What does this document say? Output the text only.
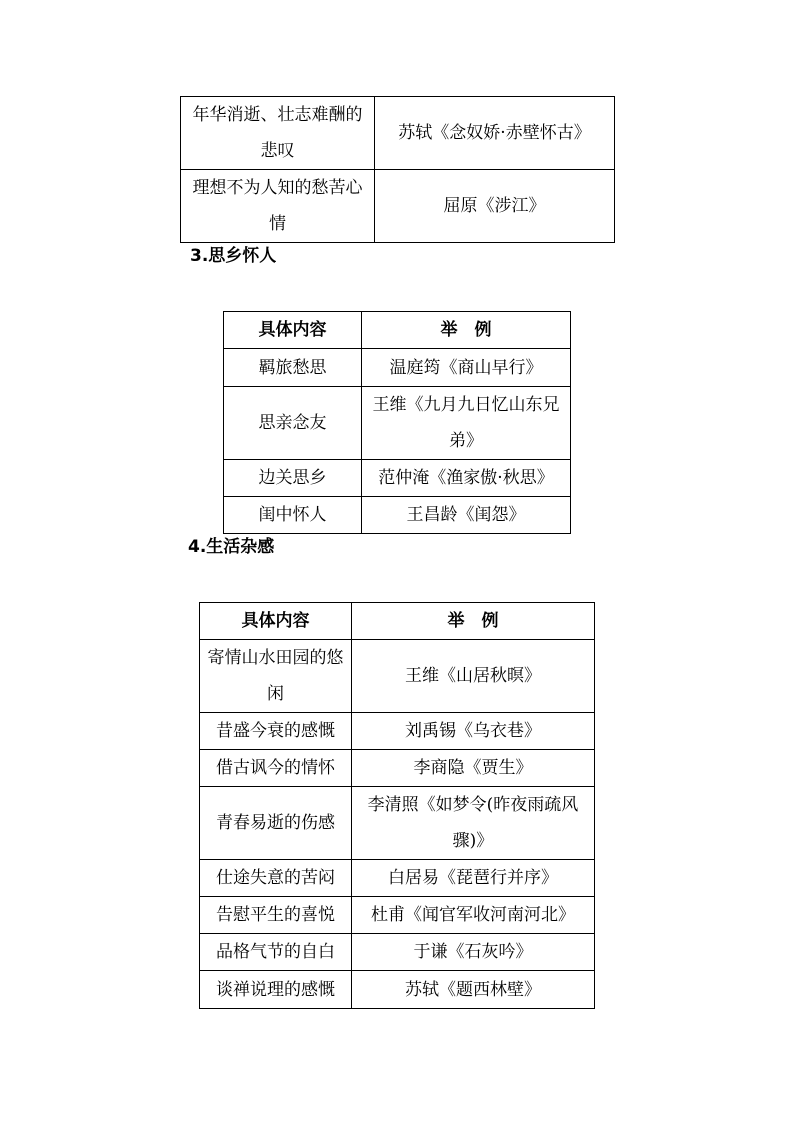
年华消逝、壮志难酬的悲叹	苏轼《念奴娇·赤壁怀古》
理想不为人知的愁苦心情	屈原《涉江》
3.思乡怀人
具体内容	举　例
羁旅愁思	温庭筠《商山早行》
思亲念友	王维《九月九日忆山东兄弟》
边关思乡	范仲淹《渔家傲·秋思》
闺中怀人	王昌龄《闺怨》
4.生活杂感
具体内容	举　例
寄情山水田园的悠闲	王维《山居秋暝》
昔盛今衰的感慨	刘禹锡《乌衣巷》
借古讽今的情怀	李商隐《贾生》
青春易逝的伤感	李清照《如梦令(昨夜雨疏风骤)》
仕途失意的苦闷	白居易《琵琶行并序》
告慰平生的喜悦	杜甫《闻官军收河南河北》
品格气节的自白	于谦《石灰吟》
谈禅说理的感慨	苏轼《题西林壁》
